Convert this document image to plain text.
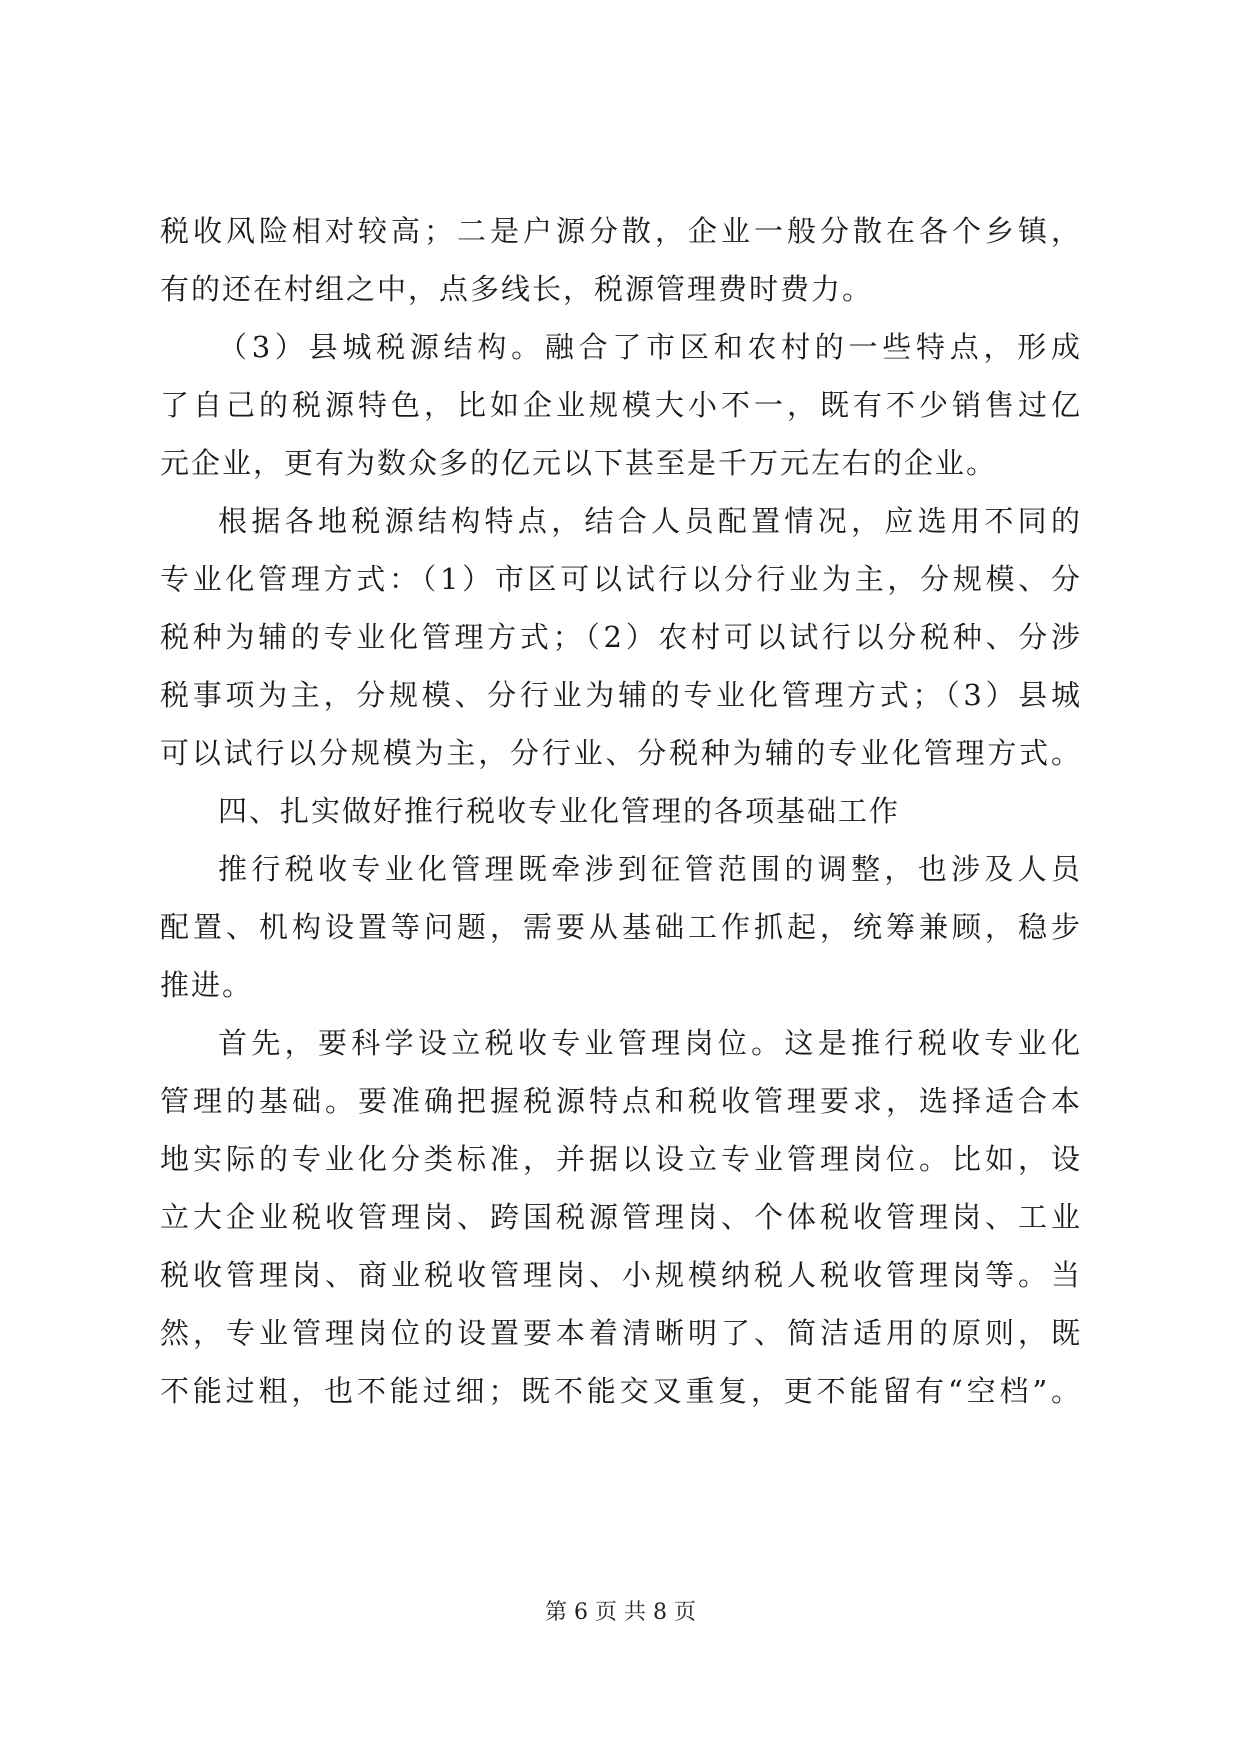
税收风险相对较高；二是户源分散，企业一般分散在各个乡镇，
有的还在村组之中，点多线长，税源管理费时费力。
（3）县城税源结构。融合了市区和农村的一些特点，形成
了自己的税源特色，比如企业规模大小不一，既有不少销售过亿
元企业，更有为数众多的亿元以下甚至是千万元左右的企业。
根据各地税源结构特点，结合人员配置情况，应选用不同的
专业化管理方式：（1）市区可以试行以分行业为主，分规模、分
税种为辅的专业化管理方式；（2）农村可以试行以分税种、分涉
税事项为主，分规模、分行业为辅的专业化管理方式；（3）县城
可以试行以分规模为主，分行业、分税种为辅的专业化管理方式。
四、扎实做好推行税收专业化管理的各项基础工作
推行税收专业化管理既牵涉到征管范围的调整，也涉及人员
配置、机构设置等问题，需要从基础工作抓起，统筹兼顾，稳步
推进。
首先，要科学设立税收专业管理岗位。这是推行税收专业化
管理的基础。要准确把握税源特点和税收管理要求，选择适合本
地实际的专业化分类标准，并据以设立专业管理岗位。比如，设
立大企业税收管理岗、跨国税源管理岗、个体税收管理岗、工业
税收管理岗、商业税收管理岗、小规模纳税人税收管理岗等。当
然，专业管理岗位的设置要本着清晰明了、简洁适用的原则，既
不能过粗，也不能过细；既不能交叉重复，更不能留有“空档”。
第 6 页 共 8 页
